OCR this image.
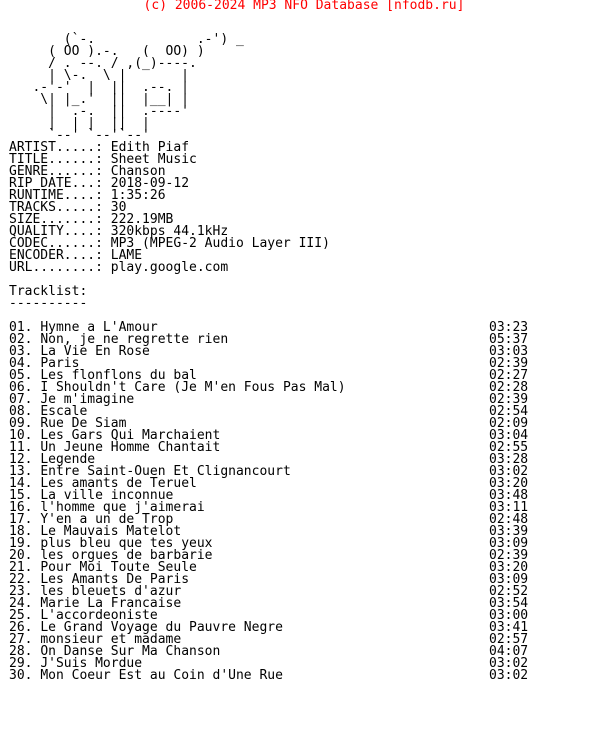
(c) 2006-2024 MP3 NFO Database [nfodb.ru]
(`-.             .-') _
( OO ).-.   (  OO) )
/ . --. / ,(_)----.
| \-.  \ |       |
.-'-'  |  ||  .--. |
\| |_.'  ||  |__| |
|  .-.  ||  .----'
|  | |  ||  |
`--' `--'`--'
ARTIST.....:
Edith Piaf
TITLE......:
Sheet Music
GENRE......:
Chanson
RIP DATE...:
2018-09-12
RUNTIME....:
1:35:26
TRACKS.....:
30
SIZE.......:
222.19MB
QUALITY....:
320kbps 44.1kHz
CODEC......:
MP3 (MPEG-2 Audio Layer III)
ENCODER....:
LAME
URL........:
play.google.com
Tracklist:
----------
01. Hymne a L'Amour	03:23
02. Non, je ne regrette rien	05:37
03. La Vie En Rose	03:03
04. Paris	02:39
05. Les flonflons du bal	02:27
06. I Shouldn't Care (Je M'en Fous Pas Mal)	02:28
07. Je m'imagine	02:39
08. Escale	02:54
09. Rue De Siam	02:09
10. Les Gars Qui Marchaient	03:04
11. Un Jeune Homme Chantait	02:55
12. Legende	03:28
13. Entre Saint-Ouen Et Clignancourt	03:02
14. Les amants de Teruel	03:20
15. La ville inconnue	03:48
16. l'homme que j'aimerai	03:11
17. Y'en a un de Trop	02:48
18. Le Mauvais Matelot	03:39
19. plus bleu que tes yeux	03:09
20. les orgues de barbarie	02:39
21. Pour Moi Toute Seule	03:20
22. Les Amants De Paris	03:09
23. les bleuets d'azur	02:52
24. Marie La Francaise	03:54
25. L'accordeoniste	03:00
26. Le Grand Voyage du Pauvre Negre	03:41
27. monsieur et madame	02:57
28. On Danse Sur Ma Chanson	04:07
29. J'Suis Mordue	03:02
30. Mon Coeur Est au Coin d'Une Rue	03:02
